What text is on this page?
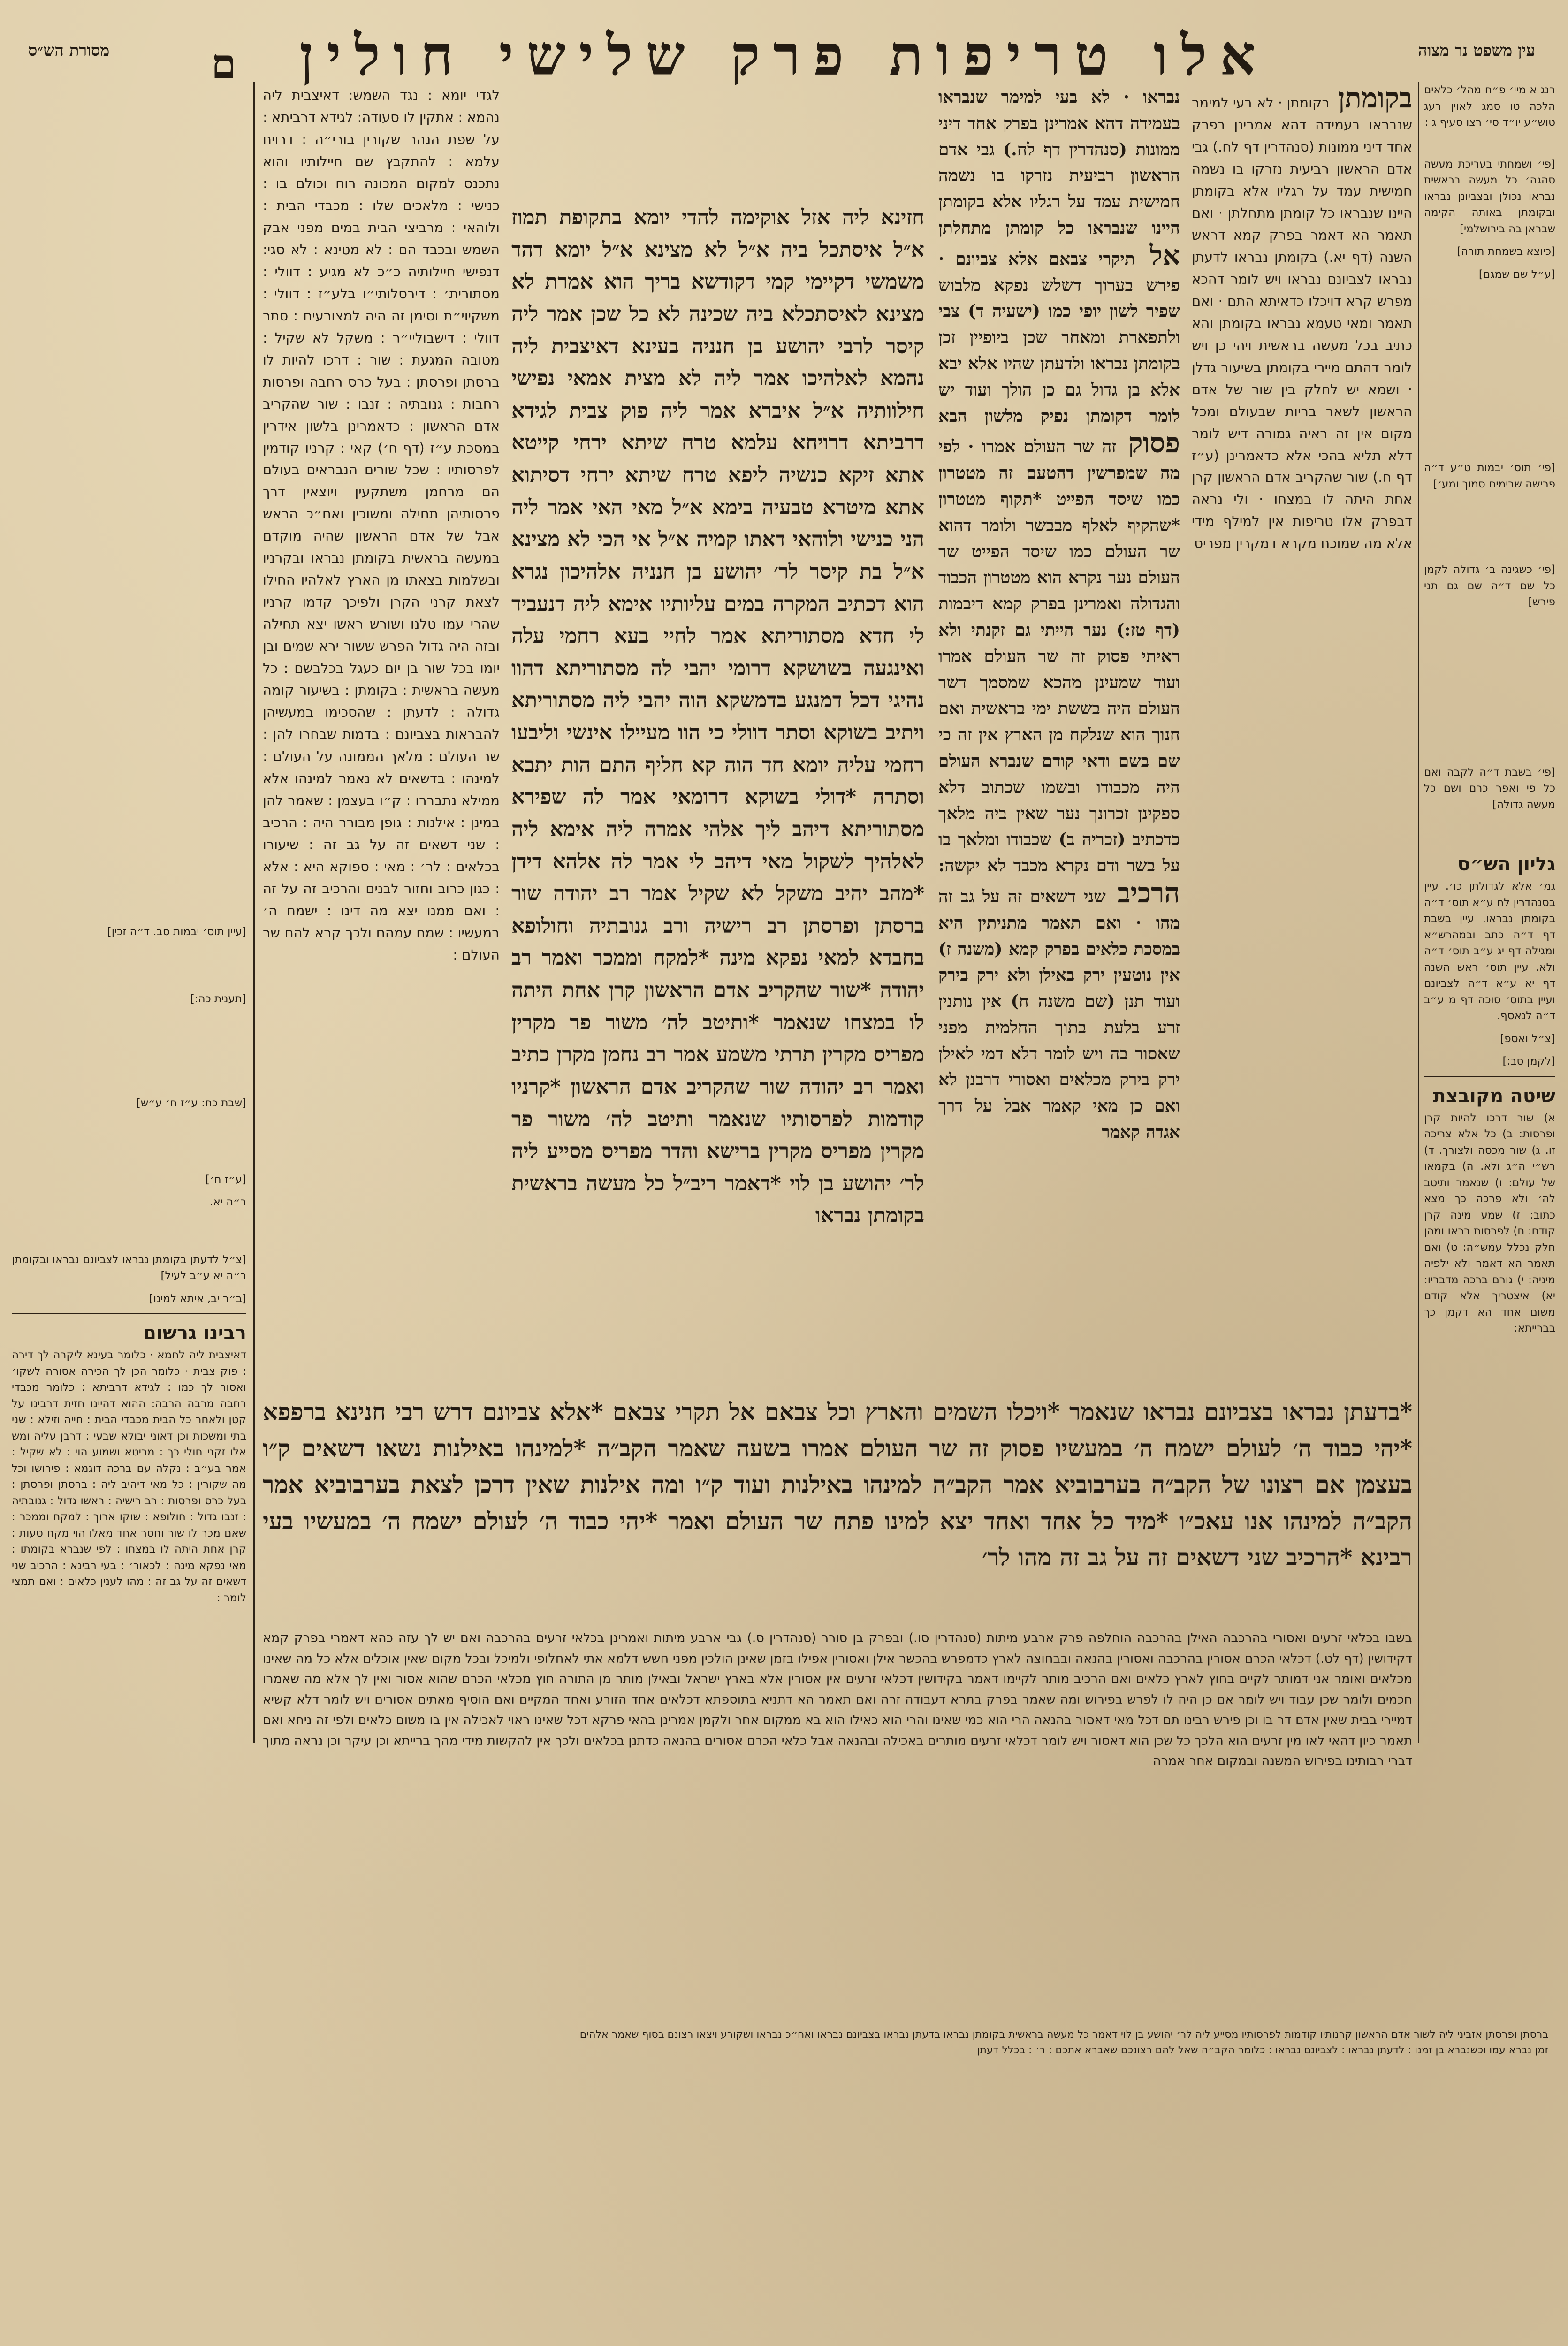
עין משפט נר מצוה
אלו טריפות פרק שלישי חולין
ם
מסורת הש״ס
רנג א מיי׳ פ״ח מהל׳ כלאים הלכה טו סמג לאוין רעג טוש״ע יו״ד סי׳ רצו סעיף ג :
[פי׳ ושמחתי בעריכת מעשה סהגה׳ כל מעשה בראשית נבראו נכולן ובצביונן נבראו ובקומתן באותה הקימה שבראן בה בירושלמי]
[כיוצא בשמחת תורה]
[ע״ל שם שמגם]
[פי׳ תוס׳ יבמות ט״ע ד״ה פרישה שבימים סמוך ומע׳]
[פי׳ כשגינה ב׳ גדולה לקמן כל שם ד״ה שם גם תני פירש]
[פי׳ בשבת ד״ה לקבה ואם כל פי ואפר כרם ושם כל מעשה גדולה]
גליון הש״ס
גמ׳ אלא לגדולתן כו׳. עיין בסנהדרין לח ע״א תוס׳ ד״ה בקומתן נבראו. עיין בשבת דף ד״ה כתב ובמהרש״א ומגילה דף יג ע״ב תוס׳ ד״ה ולא. עיין תוס׳ ראש השנה דף יא ע״א ד״ה לצביונם ועיין בתוס׳ סוכה דף מ ע״ב ד״ה לנאסף.
[צ״ל ואספ]
[לקמן סב:]
שיטה מקובצת
א) שור דרכו להיות קרן ופרסות: ב) כל אלא צריכה זו. ג) שור מכסה ולצורך. ד) רש״י ה״ג ולא. ה) בקמאו של עולם: ו) שנאמר ותיטב לה׳ ולא פרכה כך מצא כתוב: ז) שמע מינה קרן קודם: ח) לפרסות בראו ומהן חלק נכלל עמש״ה: ט) ואם תאמר הא דאמר ולא ילפיה מיניה: י) גורם ברכה מדבריו: יא) איצטריך אלא קודם משום אחד הא דקמן כך בברייתא:
בקומתן בקומתן · לא בעי למימר שנבראו בעמידה דהא אמרינן בפרק אחד דיני ממונות (סנהדרין דף לח.) גבי אדם הראשון רביעית נזרקו בו נשמה חמישית עמד על רגליו אלא בקומתן היינו שנבראו כל קומתן מתחלתן · ואם תאמר הא דאמר בפרק קמא דראש השנה (דף יא.) בקומתן נבראו לדעתן נבראו לצביונם נבראו ויש לומר דהכא מפרש קרא דויכלו כדאיתא התם · ואם תאמר ומאי טעמא נבראו בקומתן והא כתיב בכל מעשה בראשית ויהי כן ויש לומר דהתם מיירי בקומתן בשיעור גדלן · ושמא יש לחלק בין שור של אדם הראשון לשאר בריות שבעולם ומכל מקום אין זה ראיה גמורה דיש לומר דלא תליא בהכי אלא כדאמרינן (ע״ז דף ח.) שור שהקריב אדם הראשון קרן אחת היתה לו במצחו · ולי נראה דבפרק אלו טריפות אין למילף מידי אלא מה שמוכח מקרא דמקרין מפריס
נבראו · לא בעי למימר שנבראו בעמידה דהא אמרינן בפרק אחד דיני ממונות (סנהדרין דף לח.) גבי אדם הראשון רביעית נזרקו בו נשמה חמישית עמד על רגליו אלא בקומתן היינו שנבראו כל קומתן מתחלתן אל תיקרי צבאם אלא צביונם · פירש בערוך דשלש נפקא מלבוש שפיר לשון יופי כמו (ישעיה ד) צבי ולתפארת ומאחר שכן ביופיין זכן בקומתן נבראו ולדעתן שהיו אלא יבא אלא בן גדול גם כן הולך ועוד יש לומר דקומתן נפיק מלשון הבא פסוק זה שר העולם אמרו · לפי מה שמפרשין דהטעם זה מטטרון כמו שיסד הפייט *תקוף מטטרון *שהקיף לאלף מבבשר ולומר דהוא שר העולם כמו שיסד הפייט שר העולם נער נקרא הוא מטטרון הכבוד והגדולה ואמרינן בפרק קמא דיבמות (דף טז:) נער הייתי גם זקנתי ולא ראיתי פסוק זה שר העולם אמרו ועוד שמעינן מהכא שמסמך דשר העולם היה בששת ימי בראשית ואם חנוך הוא שנלקח מן הארץ אין זה כי שם בשם ודאי קודם שנברא העולם היה מכבודו ובשמו שכתוב דלא ספקינן זכרונך נער שאין ביה מלאך כדכתיב (זכריה ב) שכבודו ומלאך בו על בשר ודם נקרא מכבד לא יקשה: הרכיב שני דשאים זה על גב זה מהו · ואם תאמר מתניתין היא במסכת כלאים בפרק קמא (משנה ז) אין נוטעין ירק באילן ולא ירק בירק ועוד תנן (שם משנה ח) אין נותנין זרע בלעת בתוך החלמית מפני שאסור בה ויש לומר דלא דמי לאילן ירק בירק מכלאים ואסורי דרבנן לא ואם כן מאי קאמר אבל על דרך אגדה קאמר
חזינא ליה אזל אוקימה להדי יומא בתקופת תמוז א״ל איסתכל ביה א״ל לא מצינא א״ל יומא דהד משמשי דקיימי קמי דקודשא בריך הוא אמרת לא מצינא לאיסתכלא ביה שכינה לא כל שכן אמר ליה קיסר לרבי יהושע בן חנניה בעינא דאיצבית ליה נהמא לאלהיכו אמר ליה לא מצית אמאי נפישי חילוותיה א״ל איברא אמר ליה פוק צבית לגידא דרביתא דרויחא עלמא טרח שיתא ירחי קייטא אתא זיקא כנשיה ליפא טרח שיתא ירחי דסיתוא אתא מיטרא טבעיה בימא א״ל מאי האי אמר ליה הני כנישי ולוהאי דאתו קמיה א״ל אי הכי לא מצינא א״ל בת קיסר לר׳ יהושע בן חנניה אלהיכון נגרא הוא דכתיב המקרה במים עליותיו אימא ליה דנעביד לי חדא מסתוריתא אמר לחיי בעא רחמי עלה ואינגעה בשושקא דרומי יהבי לה מסתוריתא דהוו נהיגי דכל דמנגע בדמשקא הוה יהבי ליה מסתוריתא ויתיב בשוקא וסתר דוולי כי הוו מעיילו אינשי וליבעו רחמי עליה יומא חד הוה קא חליף התם הות יתבא וסתרה *דולי בשוקא דרומאי אמר לה שפירא מסתוריתא דיהב ליך אלהי אמרה ליה אימא ליה לאלהיך לשקול מאי דיהב לי אמר לה אלהא דידן *מהב יהיב משקל לא שקיל אמר רב יהודה שור ברסתן ופרסתן רב רישיה ורב גנובתיה וחולופא בחבדא למאי נפקא מינה *למקח וממכר ואמר רב יהודה *שור שהקריב אדם הראשון קרן אחת היתה לו במצחו שנאמר *ותיטב לה׳ משור פר מקרין מפריס מקרין תרתי משמע אמר רב נחמן מקרן כתיב ואמר רב יהודה שור שהקריב אדם הראשון *קרניו קודמות לפרסותיו שנאמר ותיטב לה׳ משור פר מקרין מפריס מקרין ברישא והדר מפריס מסייע ליה לר׳ יהושע בן לוי *דאמר ריב״ל כל מעשה בראשית בקומתן נבראו
לגדי יומא : נגד השמש: דאיצבית ליה נהמא : אתקין לו סעודה: לגידא דרביתא : על שפת הנהר שקורין בורי״ה : דרויח עלמא : להתקבץ שם חיילותיו והוא נתכנס למקום המכונה רוח וכולם בו : כנישי : מלאכים שלו : מכבדי הבית : ולוהאי : מרביצי הבית במים מפני אבק השמש ובכבד הם : לא מטינא : לא סגי: דנפישי חיילותיה כ״כ לא מגיע : דוולי : מסתורית׳ : דירסלותי״ו בלע״ז : דוולי : משקיוי״ת וסימן זה היה למצורעים : סתר דוולי : דישבוליי״ר : משקל לא שקיל : מטובה המגעת : שור : דרכו להיות לו ברסתן ופרסתן : בעל כרס רחבה ופרסות רחבות : גנובתיה : זנבו : שור שהקריב אדם הראשון : כדאמרינן בלשון אידרין במסכת ע״ז (דף ח׳) קאי : קרניו קודמין לפרסותיו : שכל שורים הנבראים בעולם הם מרחמן משתקעין ויוצאין דרך פרסותיהן תחילה ומשוכין ואח״כ הראש אבל של אדם הראשון שהיה מוקדם במעשה בראשית בקומתן נבראו ובקרניו ובשלמות בצאתו מן הארץ לאלהיו החילו לצאת קרני הקרן ולפיכך קדמו קרניו שהרי עמו טלנו ושורש ראשו יצא תחילה ובזה היה גדול הפרש ששור ירא שמים ובן יומו בכל שור בן יום כעגל בכלבשם : כל מעשה בראשית : בקומתן : בשיעור קומה גדולה : לדעתן : שהסכימו במעשיהן להבראות בצביונם : בדמות שבחרו להן : שר העולם : מלאך הממונה על העולם : למינהו : בדשאים לא נאמר למינהו אלא ממילא נתבררו : ק״ו בעצמן : שאמר להן במינן : אילנות : גופן מבורר היה : הרכיב : שני דשאים זה על גב זה : שיעורו בכלאים : לר׳ : מאי : ספוקא היא : אלא : כגון כרוב וחזור לבנים והרכיב זה על זה : ואם ממנו יצא מה דינו : ישמח ה׳ במעשיו : שמח עמהם ולכך קרא להם שר העולם :
*בדעתן נבראו בצביונם נבראו שנאמר *ויכלו השמים והארץ וכל צבאם אל תקרי צבאם *אלא צביונם דרש רבי חנינא ברפפא *יהי כבוד ה׳ לעולם ישמח ה׳ במעשיו פסוק זה שר העולם אמרו בשעה שאמר הקב״ה *למינהו באילנות נשאו דשאים ק״ו בעצמן אם רצונו של הקב״ה בערבוביא אמר הקב״ה למינהו באילנות ועוד ק״ו ומה אילנות שאין דרכן לצאת בערבוביא אמר הקב״ה למינהו אנו עאכ״ו *מיד כל אחד ואחד יצא למינו פתח שר העולם ואמר *יהי כבוד ה׳ לעולם ישמח ה׳ במעשיו בעי רבינא *הרכיב שני דשאים זה על גב זה מהו לר׳
בשבו בכלאי זרעים ואסורי בהרכבה האילן בהרכבה הוחלפה פרק ארבע מיתות (סנהדרין סו.) ובפרק בן סורר (סנהדרין ס.) גבי ארבע מיתות ואמרינן בכלאי זרעים בהרכבה ואם יש לך עזה כהא דאמרי בפרק קמא דקידושין (דף לט.) דכלאי הכרם אסורין בהרכבה ואסורין בהנאה ובבחוצה לארץ כדמפרש בהכשר אילן ואסורין אפילו בזמן שאינן הולכין מפני חשש דלמא אתי לאחלופי ולמיכל ובכל מקום שאין אוכלים אלא כל מה שאינו מכלאים ואומר אני דמותר לקיים בחוץ לארץ כלאים ואם הרכיב מותר לקיימו דאמר בקידושין דכלאי זרעים אין אסורין אלא בארץ ישראל ובאילן מותר מן התורה חוץ מכלאי הכרם שהוא אסור ואין לך אלא מה שאמרו חכמים ולומר שכן עבוד ויש לומר אם כן היה לו לפרש בפירוש ומה שאמר בפרק בתרא דעבודה זרה ואם תאמר הא דתניא בתוספתא דכלאים אחד הזורע ואחד המקיים ואם הוסיף מאתים אסורים ויש לומר דלא קשיא דמיירי בבית שאין אדם דר בו וכן פירש רבינו תם דכל מאי דאסור בהנאה הרי הוא כמי שאינו והרי הוא כאילו הוא בא ממקום אחר ולקמן אמרינן בהאי פרקא דכל שאינו ראוי לאכילה אין בו משום כלאים ולפי זה ניחא ואם תאמר כיון דהאי לאו מין זרעים הוא הלכך כל שכן הוא דאסור ויש לומר דכלאי זרעים מותרים באכילה ובהנאה אבל כלאי הכרם אסורים בהנאה כדתנן בכלאים ולכך אין להקשות מידי מהך ברייתא וכן עיקר וכן נראה מתוך דברי רבותינו בפירוש המשנה ובמקום אחר אמרה
[עיין תוס׳ יבמות סב. ד״ה זכין]
[תענית כה:]
[שבת כח: ע״ז ח׳ ע״ש]
[ע״ז ח׳]
ר״ה יא.
[צ״ל לדעתן בקומתן נבראו לצביונם נבראו ובקומתן ר״ה יא ע״ב לעיל]
[ב״ר יב, איתא למינו]
רבינו גרשום
דאיצבית ליה לחמא · כלומר בעינא ליקרה לך דירה : פוק צבית · כלומר הכן לך הכירה אסורה לשקו׳ ואסור לך כמו : לגידא דרביתא : כלומר מכבדי רחבה מרבה הרבה: ההוא דהיינו חזית דרבינו על קטן ולאחר כל הבית מכבדי הבית : חייה וזילא : שני בתי ומשכות וכן דאוני יבולא שבעי : דרבן עליה ומש אלו זקני חולי כך : מריטא ושמוע הוי : לא שקיל : אמר בע״ב : נקלה עם ברכה דוגמא : פירושו וכל מה שקורין : כל מאי דיהיב ליה : ברסתן ופרסתן : בעל כרס ופרסות : רב רישיה : ראשו גדול : גנובתיה : זנבו גדול : חולופא : שוקו ארוך : למקח וממכר : שאם מכר לו שור וחסר אחד מאלו הוי מקח טעות : קרן אחת היתה לו במצחו : לפי שנברא בקומתו : מאי נפקא מינה : לכאור׳ : בעי רבינא : הרכיב שני דשאים זה על גב זה : מהו לענין כלאים : ואם תמצי לומר :
ברסתן ופרסתן אזביני ליה לשור אדם הראשון קרנותיו קודמות לפרסותיו מסייע ליה לר׳ יהושע בן לוי דאמר כל מעשה בראשית בקומתן נבראו בדעתן נבראו בצביונם נבראו ואח״כ נבראו ושקורע ויצאו רצונם בסוף שאמר אלהים
זמן נברא עמו וכשנברא בן זמנו : לדעתן נבראו : לצביונם נבראו : כלומר הקב״ה שאל להם רצונכם שאברא אתכם : ר׳ : בכלל דעתן
